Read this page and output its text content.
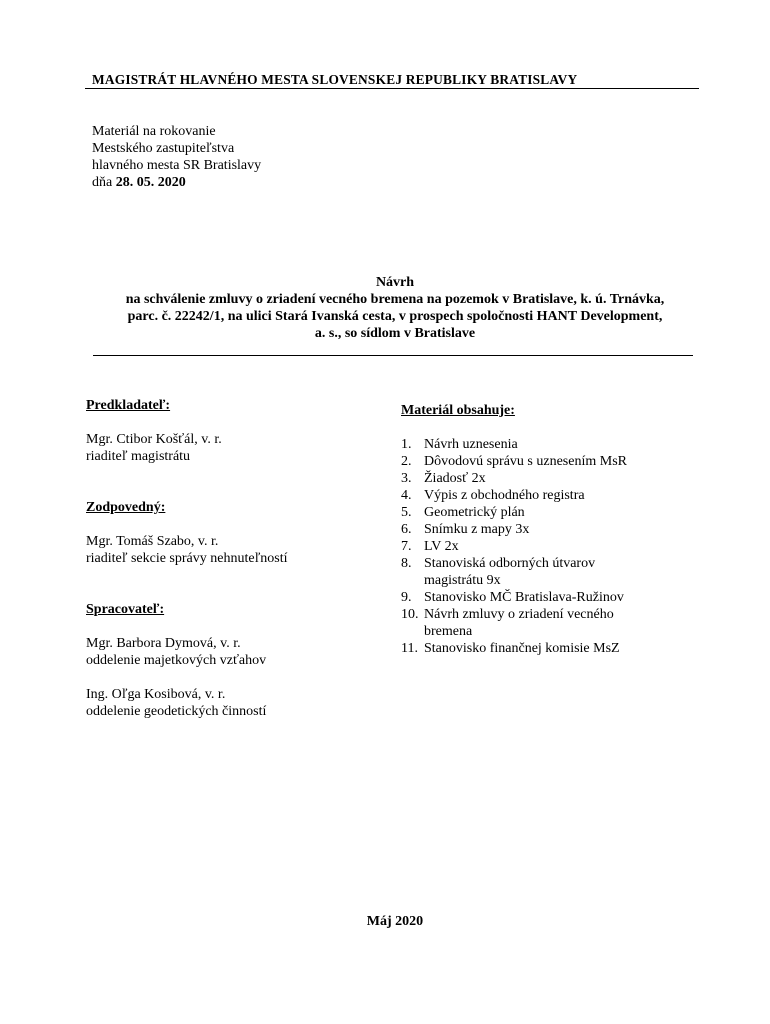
MAGISTRÁT HLAVNÉHO MESTA SLOVENSKEJ REPUBLIKY BRATISLAVY
Materiál na rokovanie
Mestského zastupiteľstva
hlavného mesta SR Bratislavy
dňa 28. 05. 2020
Návrh
na schválenie zmluvy o zriadení vecného bremena na pozemok v Bratislave, k. ú. Trnávka,
parc. č. 22242/1, na ulici Stará Ivanská cesta, v prospech spoločnosti HANT Development,
a. s., so sídlom v Bratislave
Predkladateľ:
Mgr. Ctibor Košťál, v. r.
riaditeľ magistrátu
Zodpovedný:
Mgr. Tomáš Szabo, v. r.
riaditeľ sekcie správy nehnuteľností
Spracovateľ:
Mgr. Barbora Dymová, v. r.
oddelenie majetkových vzťahov
Ing. Oľga Kosibová, v. r.
oddelenie geodetických činností
Materiál obsahuje:
1. Návrh uznesenia
2. Dôvodovú správu s uznesením MsR
3. Žiadosť 2x
4. Výpis z obchodného registra
5. Geometrický plán
6. Snímku z mapy 3x
7. LV 2x
8. Stanoviská odborných útvarov magistrátu 9x
9. Stanovisko MČ Bratislava-Ružinov
10. Návrh zmluvy o zriadení vecného bremena
11. Stanovisko finančnej komisie MsZ
Máj 2020
